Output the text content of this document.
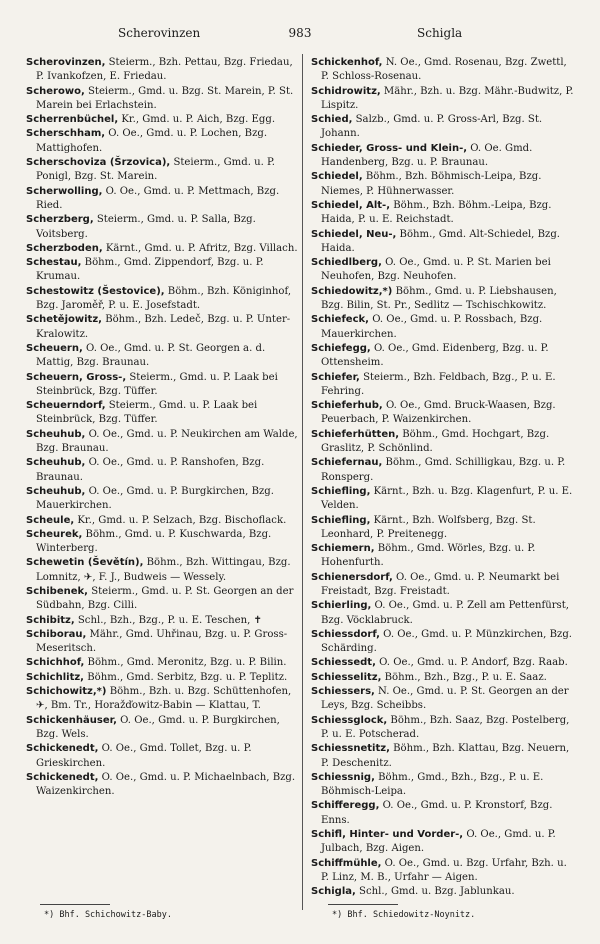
Scherovinzen	983	Schigla

Scherovinzen, Steierm., Bzh. Pettau, Bzg. Friedau, P. Ivankofzen, E. Friedau.

Scherowo, Steierm., Gmd. u. Bzg. St. Marein, P. St. Marein bei Erlachstein.

Scherrenbüchel, Kr., Gmd. u. P. Aich, Bzg. Egg.

Scherschham, O. Oe., Gmd. u. P. Lochen, Bzg. Mattighofen.

Scherschoviza (Šrzovica), Steierm., Gmd. u. P. Ponigl, Bzg. St. Marein.

Scherwolling, O. Oe., Gmd. u. P. Mettmach, Bzg. Ried.

Scherzberg, Steierm., Gmd. u. P. Salla, Bzg. Voitsberg.

Scherzboden, Kärnt., Gmd. u. P. Afritz, Bzg. Villach.

Schestau, Böhm., Gmd. Zippendorf, Bzg. u. P. Krumau.

Schestowitz (Šestovice), Böhm., Bzh. Königinhof, Bzg. Jaroměř, P. u. E. Josefstadt.

Schetějowitz, Böhm., Bzh. Ledeč, Bzg. u. P. Unter-Kralowitz.

Scheuern, O. Oe., Gmd. u. P. St. Georgen a. d. Mattig, Bzg. Braunau.

Scheuern, Gross-, Steierm., Gmd. u. P. Laak bei Steinbrück, Bzg. Tüffer.

Scheuerndorf, Steierm., Gmd. u. P. Laak bei Steinbrück, Bzg. Tüffer.

Scheuhub, O. Oe., Gmd. u. P. Neukirchen am Walde, Bzg. Braunau.

Scheuhub, O. Oe., Gmd. u. P. Ranshofen, Bzg. Braunau.

Scheuhub, O. Oe., Gmd. u. P. Burgkirchen, Bzg. Mauerkirchen.

Scheule, Kr., Gmd. u. P. Selzach, Bzg. Bischoflack.

Scheurek, Böhm., Gmd. u. P. Kuschwarda, Bzg. Winterberg.

Schewetin (Ševětín), Böhm., Bzh. Wittingau, Bzg. Lomnitz, ✈, F. J., Budweis — Wessely.

Schibenek, Steierm., Gmd. u. P. St. Georgen an der Südbahn, Bzg. Cilli.

Schibitz, Schl., Bzh., Bzg., P. u. E. Teschen, ✝

Schiborau, Mähr., Gmd. Uhřinau, Bzg. u. P. Gross-Meseritsch.

Schichhof, Böhm., Gmd. Meronitz, Bzg. u. P. Bilin.

Schichlitz, Böhm., Gmd. Serbitz, Bzg. u. P. Teplitz.

Schichowitz,*) Böhm., Bzh. u. Bzg. Schüttenhofen, ✈, Bm. Tr., Horažďowitz-Babin — Klattau, T.

Schickenhäuser, O. Oe., Gmd. u. P. Burgkirchen, Bzg. Wels.

Schickenedt, O. Oe., Gmd. Tollet, Bzg. u. P. Grieskirchen.

Schickenedt, O. Oe., Gmd. u. P. Michaelnbach, Bzg. Waizenkirchen.

Schickenhof, N. Oe., Gmd. Rosenau, Bzg. Zwettl, P. Schloss-Rosenau.

Schidrowitz, Mähr., Bzh. u. Bzg. Mähr.-Budwitz, P. Lispitz.

Schied, Salzb., Gmd. u. P. Gross-Arl, Bzg. St. Johann.

Schieder, Gross- und Klein-, O. Oe. Gmd. Handenberg, Bzg. u. P. Braunau.

Schiedel, Böhm., Bzh. Böhmisch-Leipa, Bzg. Niemes, P. Hühnerwasser.

Schiedel, Alt-, Böhm., Bzh. Böhm.-Leipa, Bzg. Haida, P. u. E. Reichstadt.

Schiedel, Neu-, Böhm., Gmd. Alt-Schiedel, Bzg. Haida.

Schiedlberg, O. Oe., Gmd. u. P. St. Marien bei Neuhofen, Bzg. Neuhofen.

Schiedowitz,*) Böhm., Gmd. u. P. Liebshausen, Bzg. Bilin, St. Pr., Sedlitz — Tschischkowitz.

Schiefeck, O. Oe., Gmd. u. P. Rossbach, Bzg. Mauerkirchen.

Schiefegg, O. Oe., Gmd. Eidenberg, Bzg. u. P. Ottensheim.

Schiefer, Steierm., Bzh. Feldbach, Bzg., P. u. E. Fehring.

Schieferhub, O. Oe., Gmd. Bruck-Waasen, Bzg. Peuerbach, P. Waizenkirchen.

Schieferhütten, Böhm., Gmd. Hochgart, Bzg. Graslitz, P. Schönlind.

Schiefernau, Böhm., Gmd. Schilligkau, Bzg. u. P. Ronsperg.

Schiefling, Kärnt., Bzh. u. Bzg. Klagenfurt, P. u. E. Velden.

Schiefling, Kärnt., Bzh. Wolfsberg, Bzg. St. Leonhard, P. Preitenegg.

Schiemern, Böhm., Gmd. Wörles, Bzg. u. P. Hohenfurth.

Schienersdorf, O. Oe., Gmd. u. P. Neumarkt bei Freistadt, Bzg. Freistadt.

Schierling, O. Oe., Gmd. u. P. Zell am Pettenfürst, Bzg. Vöcklabruck.

Schiessdorf, O. Oe., Gmd. u. P. Münzkirchen, Bzg. Schärding.

Schiessedt, O. Oe., Gmd. u. P. Andorf, Bzg. Raab.

Schiesselitz, Böhm., Bzh., Bzg., P. u. E. Saaz.

Schiessers, N. Oe., Gmd. u. P. St. Georgen an der Leys, Bzg. Scheibbs.

Schiessglock, Böhm., Bzh. Saaz, Bzg. Postelberg, P. u. E. Potscherad.

Schiessnetitz, Böhm., Bzh. Klattau, Bzg. Neuern, P. Deschenitz.

Schiessnig, Böhm., Gmd., Bzh., Bzg., P. u. E. Böhmisch-Leipa.

Schifferegg, O. Oe., Gmd. u. P. Kronstorf, Bzg. Enns.

Schifl, Hinter- und Vorder-, O. Oe., Gmd. u. P. Julbach, Bzg. Aigen.

Schiffmühle, O. Oe., Gmd. u. Bzg. Urfahr, Bzh. u. P. Linz, M. B., Urfahr — Aigen.

Schigla, Schl., Gmd. u. Bzg. Jablunkau.

*) Bhf. Schichowitz-Baby.	*) Bhf. Schiedowitz-Noynitz.
